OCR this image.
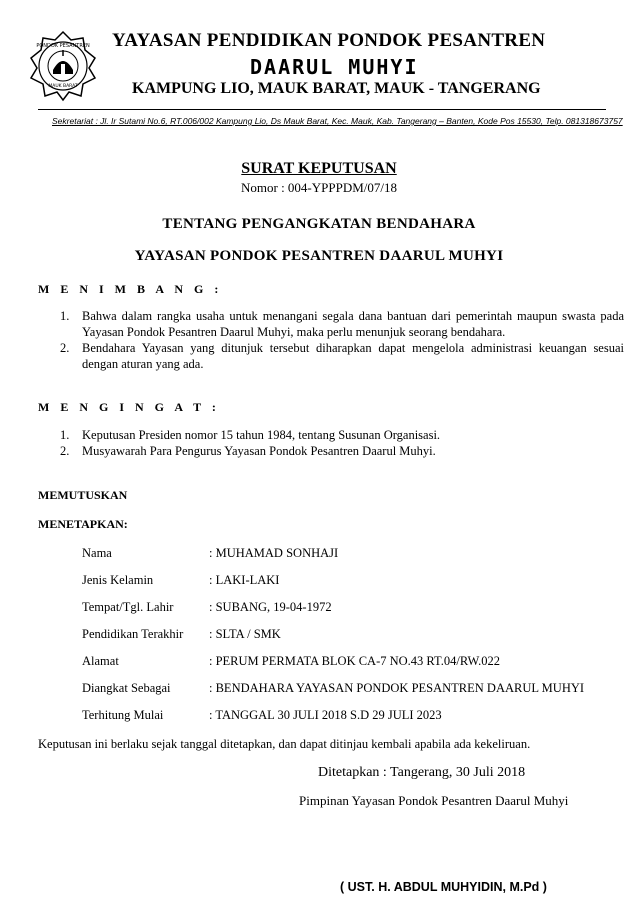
PONDOK PESANTREN
MAUK BARAT
YAYASAN PENDIDIKAN PONDOK PESANTREN
DAARUL MUHYI
KAMPUNG LIO, MAUK BARAT, MAUK - TANGERANG
Sekretariat : Jl. Ir Sutami No.6, RT.006/002 Kampung Lio, Ds Mauk Barat, Kec. Mauk, Kab. Tangerang – Banten, Kode Pos 15530, Telp. 081318673757
SURAT KEPUTUSAN
Nomor : 004-YPPPDM/07/18
TENTANG PENGANGKATAN BENDAHARA
YAYASAN PONDOK PESANTREN DAARUL MUHYI
M E N I M B A N G :
1. Bahwa dalam rangka usaha untuk menangani segala dana bantuan dari pemerintah maupun swasta pada Yayasan Pondok Pesantren Daarul Muhyi, maka perlu menunjuk seorang bendahara.
2. Bendahara Yayasan yang ditunjuk tersebut diharapkan dapat mengelola administrasi keuangan sesuai dengan aturan yang ada.
M E N G I N G A T :
1. Keputusan Presiden nomor 15 tahun 1984, tentang Susunan Organisasi.
2. Musyawarah Para Pengurus Yayasan Pondok Pesantren Daarul Muhyi.
MEMUTUSKAN
MENETAPKAN:
Nama	: MUHAMAD SONHAJI
Jenis Kelamin	: LAKI-LAKI
Tempat/Tgl. Lahir	: SUBANG, 19-04-1972
Pendidikan Terakhir : SLTA / SMK
Alamat	: PERUM PERMATA BLOK CA-7 NO.43 RT.04/RW.022
Diangkat Sebagai	: BENDAHARA YAYASAN PONDOK PESANTREN DAARUL MUHYI
Terhitung Mulai	: TANGGAL 30 JULI 2018 S.D 29 JULI 2023
Keputusan ini berlaku sejak tanggal ditetapkan, dan dapat ditinjau kembali apabila ada kekeliruan.
Ditetapkan : Tangerang, 30 Juli 2018
Pimpinan Yayasan Pondok Pesantren Daarul Muhyi
( UST. H. ABDUL MUHYIDIN, M.Pd )
